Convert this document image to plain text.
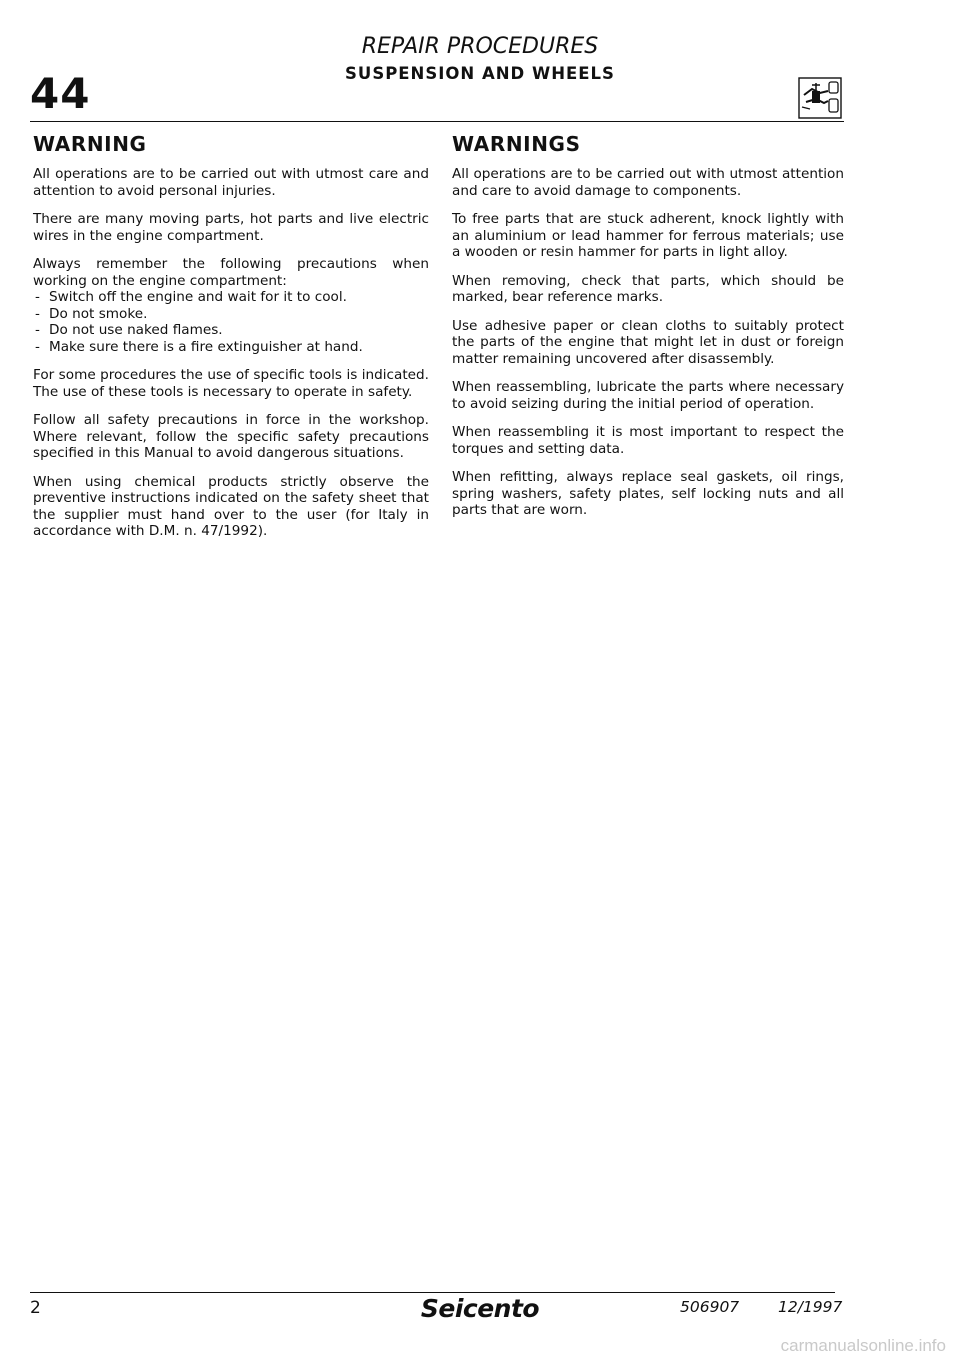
44
REPAIR PROCEDURES
SUSPENSION AND WHEELS
WARNING

All operations are to be carried out with utmost care and attention to avoid personal injuries.

There are many moving parts, hot parts and live electric wires in the engine compartment.

Always remember the following precautions when working on the engine compartment:
- Switch off the engine and wait for it to cool.
- Do not smoke.
- Do not use naked flames.
- Make sure there is a fire extinguisher at hand.

For some procedures the use of specific tools is indicated. The use of these tools is necessary to operate in safety.

Follow all safety precautions in force in the workshop. Where relevant, follow the specific safety precautions specified in this Manual to avoid dangerous situations.

When using chemical products strictly observe the preventive instructions indicated on the safety sheet that the supplier must hand over to the user (for Italy in accordance with D.M. n. 47/1992).

WARNINGS

All operations are to be carried out with utmost attention and care to avoid damage to components.

To free parts that are stuck adherent, knock lightly with an aluminium or lead hammer for ferrous materials; use a wooden or resin hammer for parts in light alloy.

When removing, check that parts, which should be marked, bear reference marks.

Use adhesive paper or clean cloths to suitably protect the parts of the engine that might let in dust or foreign matter remaining uncovered after disassembly.

When reassembling, lubricate the parts where necessary to avoid seizing during the initial period of operation.

When reassembling it is most important to respect the torques and setting data.

When refitting, always replace seal gaskets, oil rings, spring washers, safety plates, self locking nuts and all parts that are worn.

2	Seicento	506907	12/1997
carmanualsonline.info
